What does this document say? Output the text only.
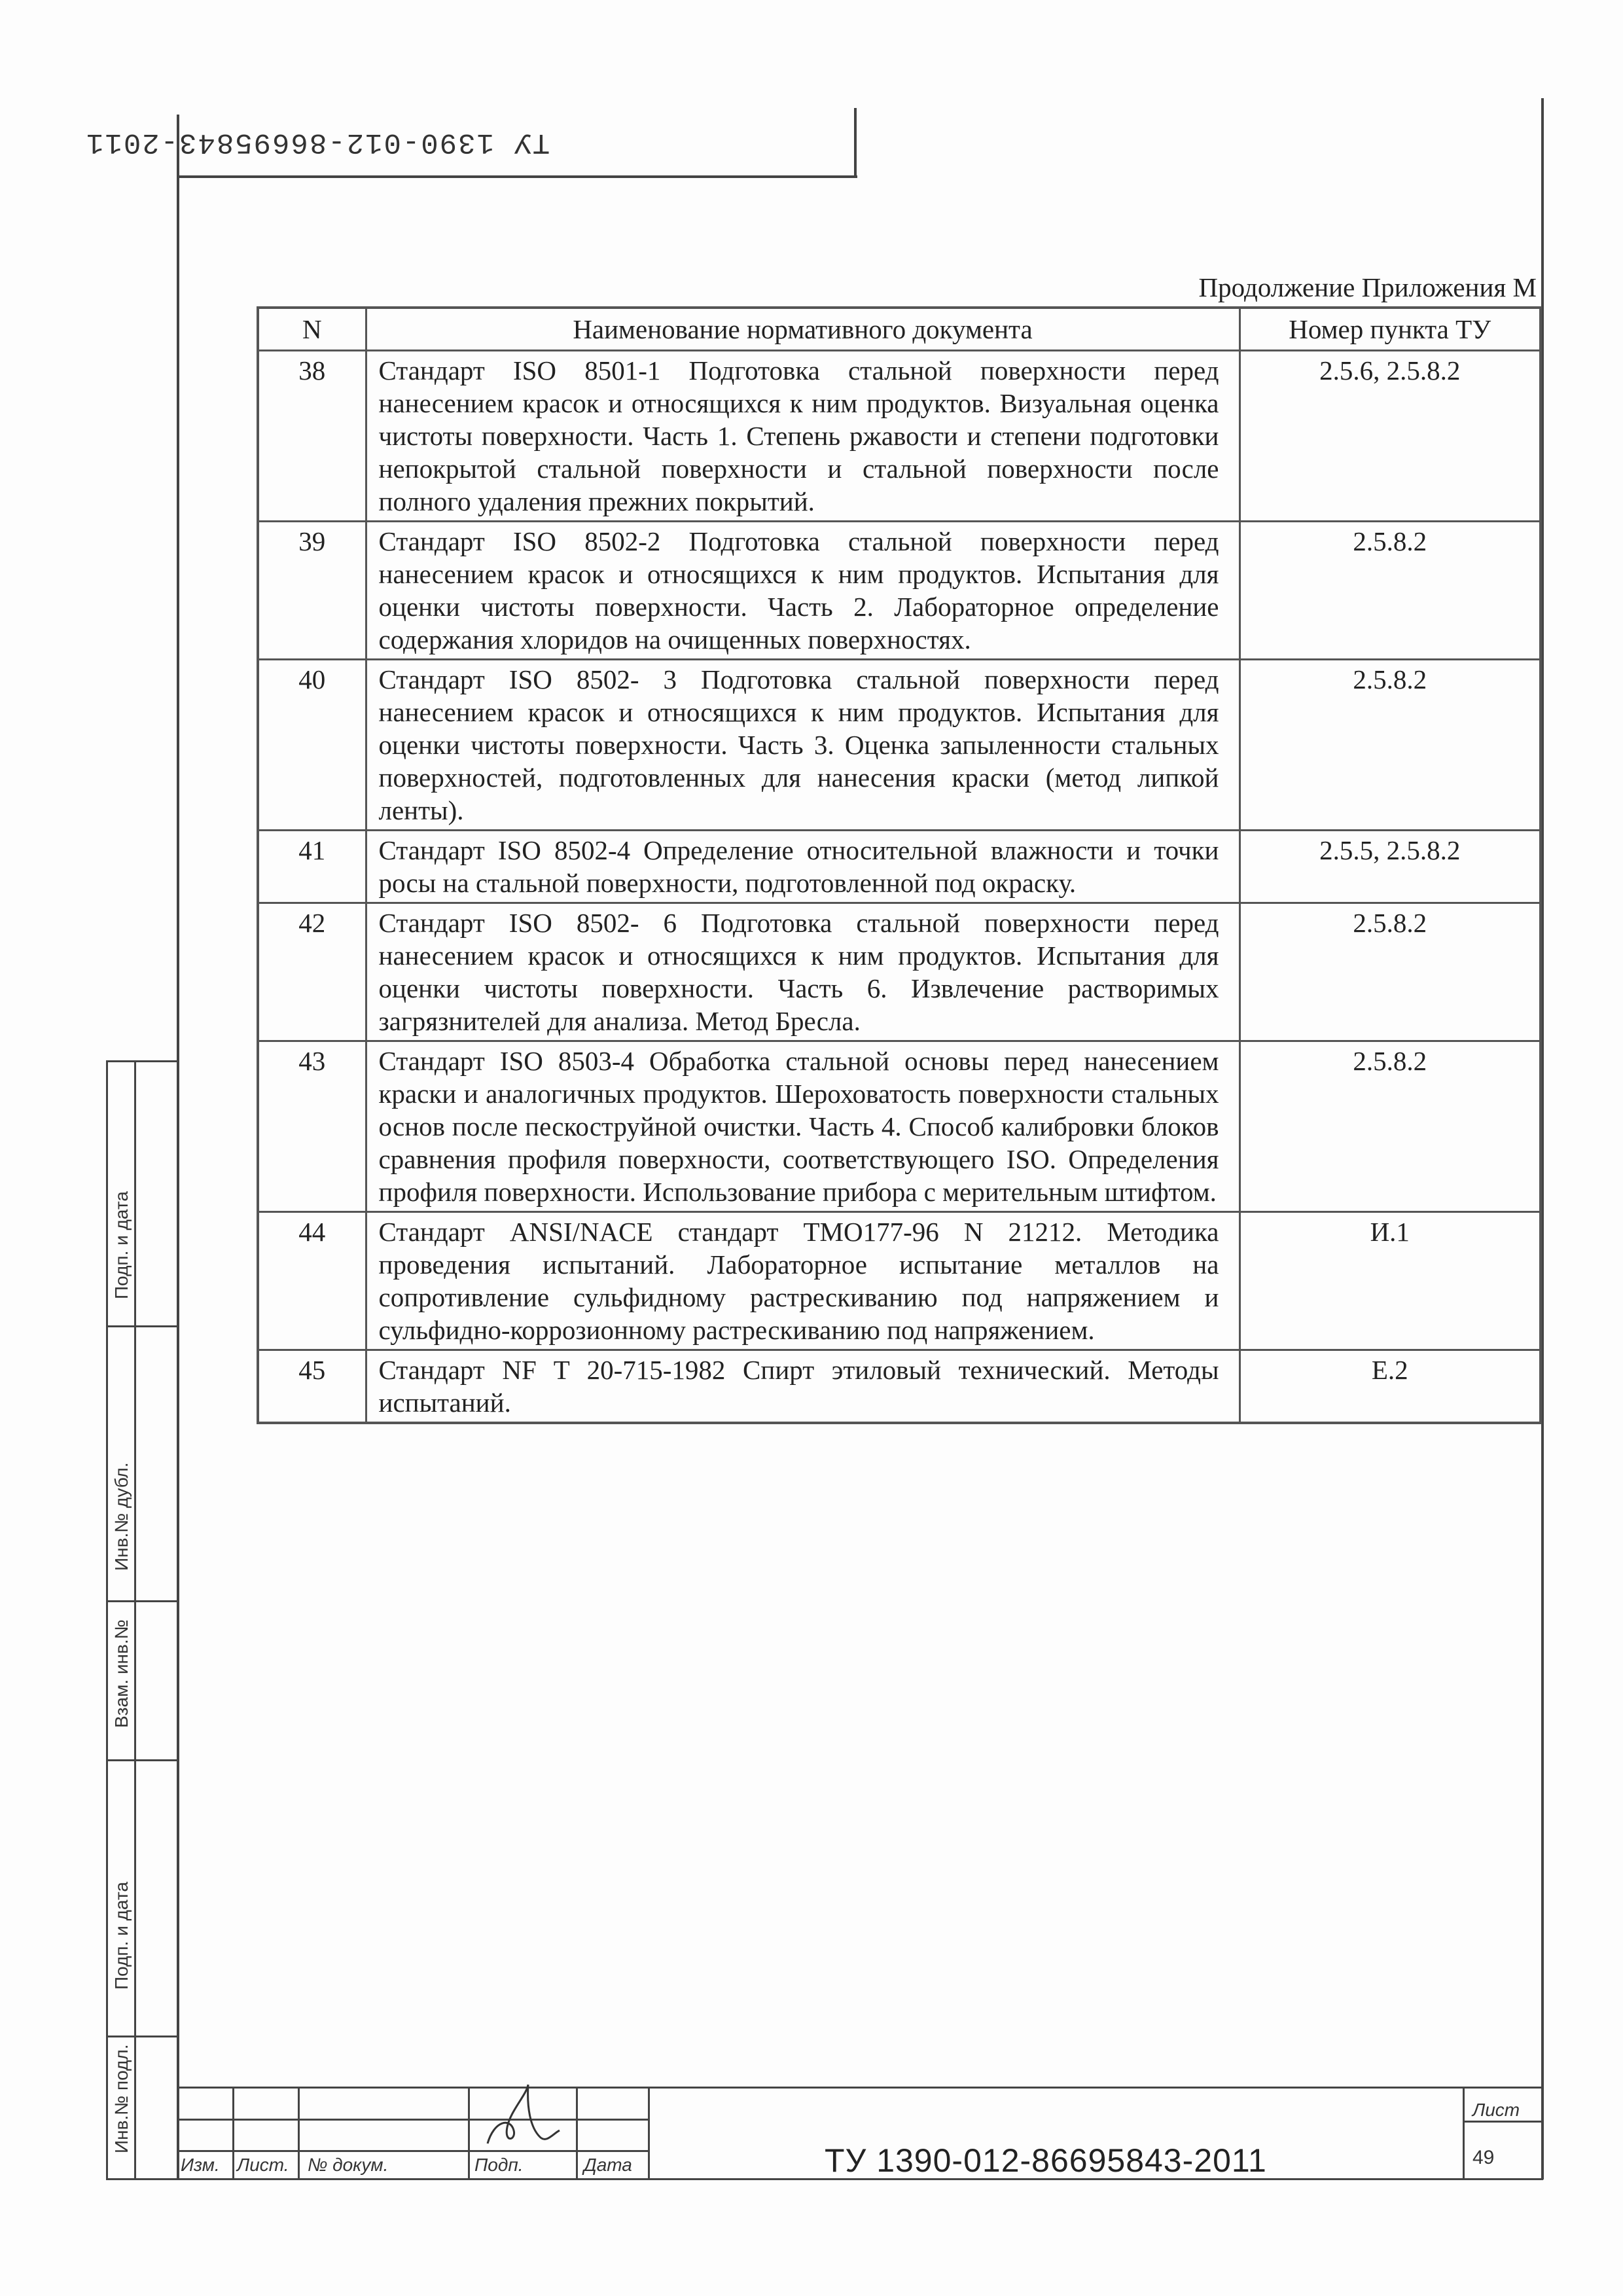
ТУ 1390-012-86695843-2011
Продолжение Приложения М
N	Наименование нормативного документа	Номер пункта ТУ
38	Стандарт ISO 8501-1 Подготовка стальной поверхности перед нанесением красок и относящихся к ним продуктов. Визуальная оценка чистоты поверхности. Часть 1. Степень ржавости и степени подготовки непокрытой стальной поверхности и стальной поверхности после полного удаления прежних покрытий.	2.5.6, 2.5.8.2
39	Стандарт ISO 8502-2 Подготовка стальной поверхности перед нанесением красок и относящихся к ним продуктов. Испытания для оценки чистоты поверхности. Часть 2. Лабораторное определение содержания хлоридов на очищенных поверхностях.	2.5.8.2
40	Стандарт ISO 8502- 3 Подготовка стальной поверхности перед нанесением красок и относящихся к ним продуктов. Испытания для оценки чистоты поверхности. Часть 3. Оценка запыленности стальных поверхностей, подготовленных для нанесения краски (метод липкой ленты).	2.5.8.2
41	Стандарт ISO 8502-4 Определение относительной влажности и точки росы на стальной поверхности, подготовленной под окраску.	2.5.5, 2.5.8.2
42	Стандарт ISO 8502- 6 Подготовка стальной поверхности перед нанесением красок и относящихся к ним продуктов. Испытания для оценки чистоты поверхности. Часть 6. Извлечение растворимых загрязнителей для анализа. Метод Бресла.	2.5.8.2
43	Стандарт ISO 8503-4 Обработка стальной основы перед нанесением краски и аналогичных продуктов. Шероховатость поверхности стальных основ после пескоструйной очистки. Часть 4. Способ калибровки блоков сравнения профиля поверхности, соответствующего ISO. Определения профиля поверхности. Использование прибора с мерительным штифтом.	2.5.8.2
44	Стандарт ANSI/NACE стандарт TMO177-96 N 21212. Методика проведения испытаний. Лабораторное испытание металлов на сопротивление сульфидному растрескиванию под напряжением и сульфидно-коррозионному растрескиванию под напряжением.	И.1
45	Стандарт NF T 20-715-1982 Спирт этиловый технический. Методы испытаний.	Е.2
Инв.№ подл.
Подп. и дата
Взам. инв.№
Инв.№ дубл.
Подп. и дата
Изм. Лист. № докум.	Подп.	Дата	ТУ 1390-012-86695843-2011
Лист
49
